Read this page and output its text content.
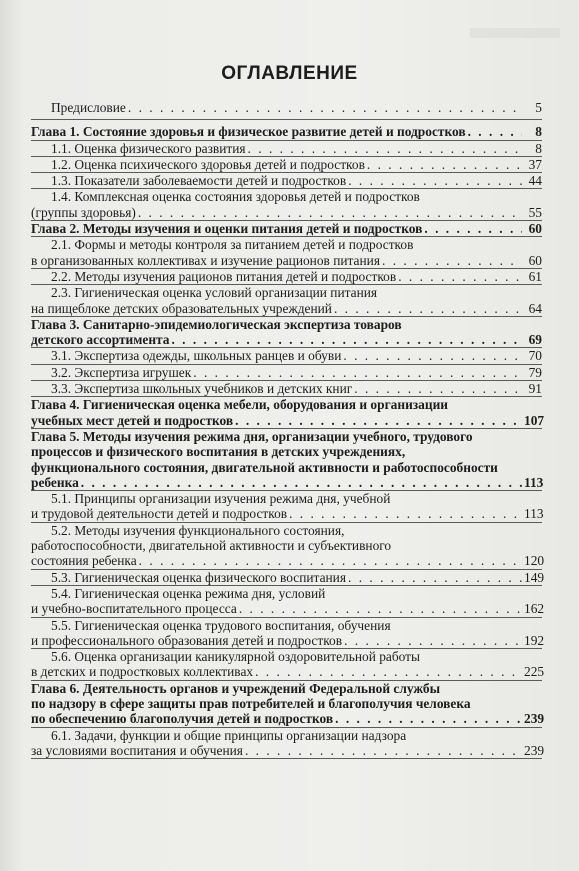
ОГЛАВЛЕНИЕ
Предисловие . . .	5
Глава 1. Состояние здоровья и физическое развитие детей и подростков . . .	8
1.1. Оценка физического развития . . .	8
1.2. Оценка психического здоровья детей и подростков . . .	37
1.3. Показатели заболеваемости детей и подростков . . .	44
1.4. Комплексная оценка состояния здоровья детей и подростков
(группы здоровья) . . .	55
Глава 2. Методы изучения и оценки питания детей и подростков . . .	60
2.1. Формы и методы контроля за питанием детей и подростков
в организованных коллективах и изучение рационов питания . . .	60
2.2. Методы изучения рационов питания детей и подростков . . .	61
2.3. Гигиеническая оценка условий организации питания
на пищеблоке детских образовательных учреждений . . .	64
Глава 3. Санитарно-эпидемиологическая экспертиза товаров
детского ассортимента . . .	69
3.1. Экспертиза одежды, школьных ранцев и обуви . . .	70
3.2. Экспертиза игрушек . . .	79
3.3. Экспертиза школьных учебников и детских книг . . .	91
Глава 4. Гигиеническая оценка мебели, оборудования и организации
учебных мест детей и подростков . . .	107
Глава 5. Методы изучения режима дня, организации учебного, трудового
процессов и физического воспитания в детских учреждениях,
функционального состояния, двигательной активности и работоспособности
ребенка . . .	113
5.1. Принципы организации изучения режима дня, учебной
и трудовой деятельности детей и подростков . . .	113
5.2. Методы изучения функционального состояния,
работоспособности, двигательной активности и субъективного
состояния ребенка . . .	120
5.3. Гигиеническая оценка физического воспитания . . .	149
5.4. Гигиеническая оценка режима дня, условий
и учебно-воспитательного процесса . . .	162
5.5. Гигиеническая оценка трудового воспитания, обучения
и профессионального образования детей и подростков . . .	192
5.6. Оценка организации каникулярной оздоровительной работы
в детских и подростковых коллективах . . .	225
Глава 6. Деятельность органов и учреждений Федеральной службы
по надзору в сфере защиты прав потребителей и благополучия человека
по обеспечению благополучия детей и подростков . . .	239
6.1. Задачи, функции и общие принципы организации надзора
за условиями воспитания и обучения . . .	239
